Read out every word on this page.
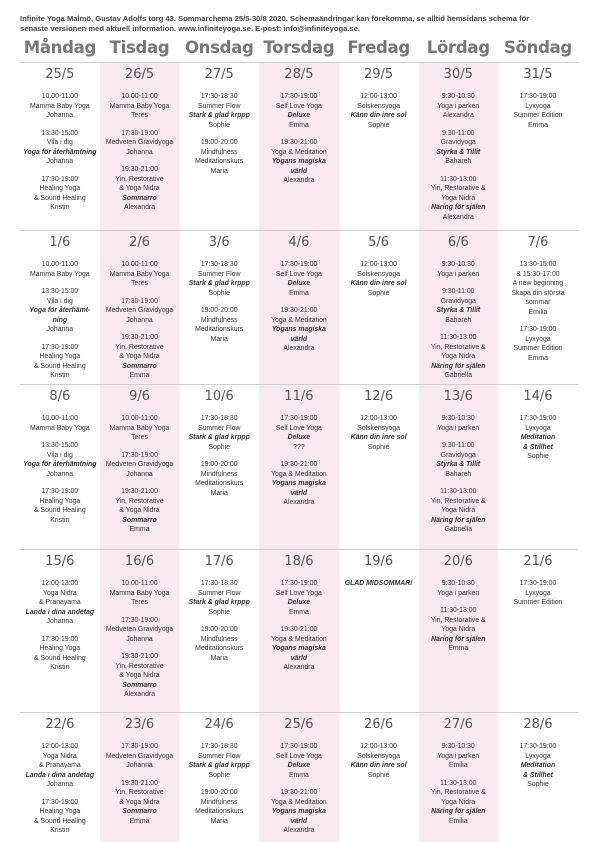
Infinite Yoga Malmö, Gustav Adolfs torg 43. Sommarchema 25/5-30/8 2020. Schemaändringar kan förekomma, se alltid hemsidans schema för
senaste versionen med aktuell information. www.infiniteyoga.se. E-post: info@infiniteyoga.se.
Måndag Tisdag Onsdag Torsdag Fredag	Lördag Söndag
25/5
10.00-11:00
Mamma Baby Yoga
Johanna
13:30-15:00
Vila i dig
Yoga för återhämtning
Johanna
17:30-19:00
Healing Yoga
& Sound Healing
Kristin
26/5
10.00-11:00
Mamma Baby Yoga
Teres
17:30-19:00
Medveten Gravidyoga
Johanna
19:30-21:00
Yin, Restorative
& Yoga Nidra
Sommarro
Alexandra
27/5
17:30-18:30
Summer Flow
Stark & glad krppp
Sophie
19:00-20:00
Mindfulness
Meditationskurs
Maria
28/5
17:30-19:00
Self Love Yoga
Deluxe
Emma
19:30-21:00
Yoga & Meditation
Yogans magiska
värld
Alexandra
29/5
12:00-13:00
Solskensyoga
Känn din inre sol
Sophie
30/5
9:30-10:30
Yoga i parken
Alexandra
9:30-11:00
Gravidyoga
Styrka & Tillit
Bahareh
11:30-13:00
Yin, Restorative &
Yoga Nidra
Näring för själen
Alexandra
31/5
17:30-19:00
Lyxyoga
Summer Edition
Emma
1/6
10.00-11:00
Mamma Baby Yoga
13:30-15:00
Vila i dig
Yoga för återhämt-
ning
Johanna
17:30-19:00
Healing Yoga
& Sound Healing
Kristin
2/6
10.00-11:00
Mamma Baby Yoga
Teres
17:30-19:00
Medveten Gravidyoga
Johanna
19:30-21:00
Yin, Restorative
& Yoga Nidra
Sommarro
Emma
3/6
17:30-18:30
Summer Flow
Stark & glad krppp
Sophie
19:00-20:00
Mindfulness
Meditationskurs
Maria
4/6
17:30-19:00
Self Love Yoga
Deluxe
Emma
19:30-21:00
Yoga & Meditation
Yogans magiska
värld
Alexandra
5/6
12:00-13:00
Solskensyoga
Känn din inre sol
Sophie
6/6
9:30-10:30
Yoga i parken
9:30-11:00
Gravidyoga
Styrka & Tillit
Bahareh
11:30-13:00
Yin, Restorative &
Yoga Nidra
Näring för själen
Gabriella
7/6
13:30-15:00
& 15:30-17:00
A new beginning
Skapa din största
sommar
Emilia
17:30-19:00
Lyxyoga
Summer Edition
Emma
8/6
10.00-11:00
Mamma Baby Yoga
13:30-15:00
Vila i dig
Yoga för återhämtning
Johanna
17:30-19:00
Healing Yoga
& Sound Healing
Kristin
9/6
10.00-11:00
Mamma Baby Yoga
Teres
17:30-19:00
Medveten Gravidyoga
Johanna
19:30-21:00
Yin, Restorative
& Yoga Nidra
Sommarro
Emma
10/6
17:30-18:30
Summer Flow
Stark & glad krppp
Sophie
19:00-20:00
Mindfulness
Meditationskurs
Maria
11/6
17:30-19:00
Self Love Yoga
Deluxe
???
19:30-21:00
Yoga & Meditation
Yogans magiska
värld
Alexandra
12/6
12:00-13:00
Solskensyoga
Känn din inre sol
Sophie
13/6
9:30-10:30
Yoga i parken
9:30-11:00
Gravidyoga
Styrka & Tillit
Bahareh
11:30-13:00
Yin, Restorative &
Yoga Nidra
Näring för själen
Gabriella
14/6
17:30-19:00
Lyxyoga
Meditation
& Stillhet
Sophie
15/6
12:00-13:00
Yoga Nidra
& Pranayama
Landa i dina andetag
Johanna
17:30-19:00
Healing Yoga
& Sound Healing
Kristin
16/6
10.00-11:00
Mamma Baby Yoga
Teres
17:30-19:00
Medveten Gravidyoga
Johanna
19:30-21:00
Yin, Restorative
& Yoga Nidra
Sommarro
Alexandra
17/6
17:30-18:30
Summer Flow
Stark & glad krppp
Sophie
19:00-20:00
Mindfulness
Meditationskurs
Maria
18/6
17:30-19:00
Self Love Yoga
Deluxe
Emma
19:30-21:00
Yoga & Meditation
Yogans magiska
värld
Alexandra
19/6
GLAD MIDSOMMAR!
20/6
9:30-10:30
Yoga i parken
11:30-13:00
Yin, Restorative &
Yoga Nidra
Näring för själen
Emma
21/6
17:30-19:00
Lyxyoga
Summer Edition
22/6
12:00-13:00
Yoga Nidra
& Pranayama
Landa i dina andetag
Johanna
17:30-19:00
Healing Yoga
& Sound Healing
Kristin
23/6
17:30-19:00
Medveten Gravidyoga
Johanna
19:30-21:00
Yin, Restorative
& Yoga Nidra
Sommarro
Emma
24/6
17:30-18:30
Summer Flow
Stark & glad krppp
Sophie
19:00-20:00
Mindfulness
Meditationskurs
Maria
25/6
17:30-19:00
Self Love Yoga
Deluxe
Emma
19:30-21:00
Yoga & Meditation
Yogans magiska
värld
Alexandra
26/6
12:00-13:00
Solskensyoga
Känn din inre sol
Sophie
27/6
9:30-10:30
Yoga i parken
Emilia
11:30-13:00
Yin, Restorative &
Yoga Nidra
Näring för själen
Emilia
28/6
17:30-19:00
Lyxyoga
Meditation
& Stillhet
Sophie
